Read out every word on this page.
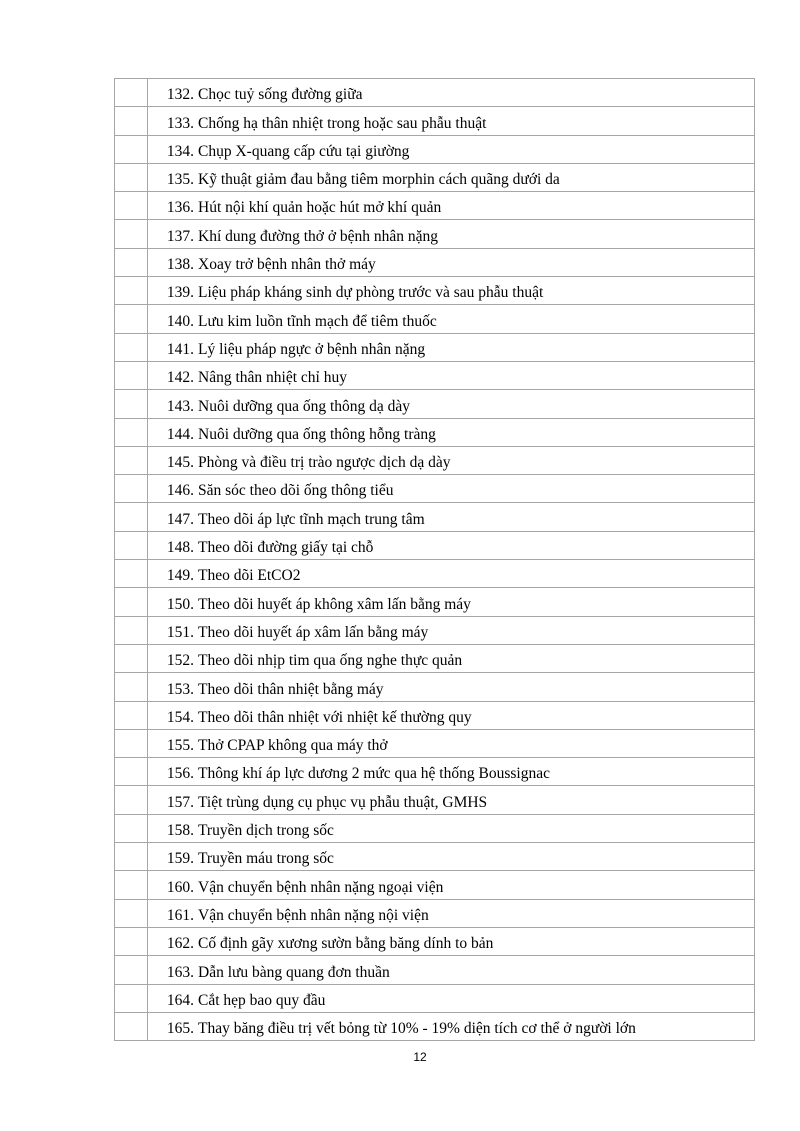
	132. Chọc tuỷ sống đường giữa

	133. Chống hạ thân nhiệt trong hoặc sau phẫu thuật

	134. Chụp X-quang cấp cứu tại giường

	135. Kỹ thuật giảm đau bằng tiêm morphin cách quãng dưới da

	136. Hút nội khí quản hoặc hút mở khí quản

	137. Khí dung đường thở ở bệnh nhân nặng

	138. Xoay trở bệnh nhân thở máy

	139. Liệu pháp kháng sinh dự phòng trước và sau phẫu thuật

	140. Lưu kim luồn tĩnh mạch để tiêm thuốc

	141. Lý liệu pháp ngực ở bệnh nhân nặng

	142. Nâng thân nhiệt chỉ huy

	143. Nuôi dưỡng qua ống thông dạ dày

	144. Nuôi dưỡng qua ống thông hỗng tràng

	145. Phòng và điều trị trào ngược dịch dạ dày

	146. Săn sóc theo dõi ống thông tiểu

	147. Theo dõi áp lực tĩnh mạch trung tâm

	148. Theo dõi đường giấy tại chỗ

	149. Theo dõi EtCO2

	150. Theo dõi huyết áp không xâm lấn bằng máy

	151. Theo dõi huyết áp xâm lấn bằng máy

	152. Theo dõi nhịp tim qua ống nghe thực quản

	153. Theo dõi thân nhiệt bằng máy

	154. Theo dõi thân nhiệt với nhiệt kế thường quy

	155. Thở CPAP không qua máy thở

	156. Thông khí áp lực dương 2 mức qua hệ thống Boussignac

	157. Tiệt trùng dụng cụ phục vụ phẫu thuật, GMHS

	158. Truyền dịch trong sốc

	159. Truyền máu trong sốc

	160. Vận chuyển bệnh nhân nặng ngoại viện

	161. Vận chuyển bệnh nhân nặng nội viện

	162. Cố định gãy xương sườn bằng băng dính to bản

	163. Dẫn lưu bàng quang đơn thuần

	164. Cắt hẹp bao quy đầu

	165. Thay băng điều trị vết bỏng từ 10% - 19% diện tích cơ thể ở người lớn
12
